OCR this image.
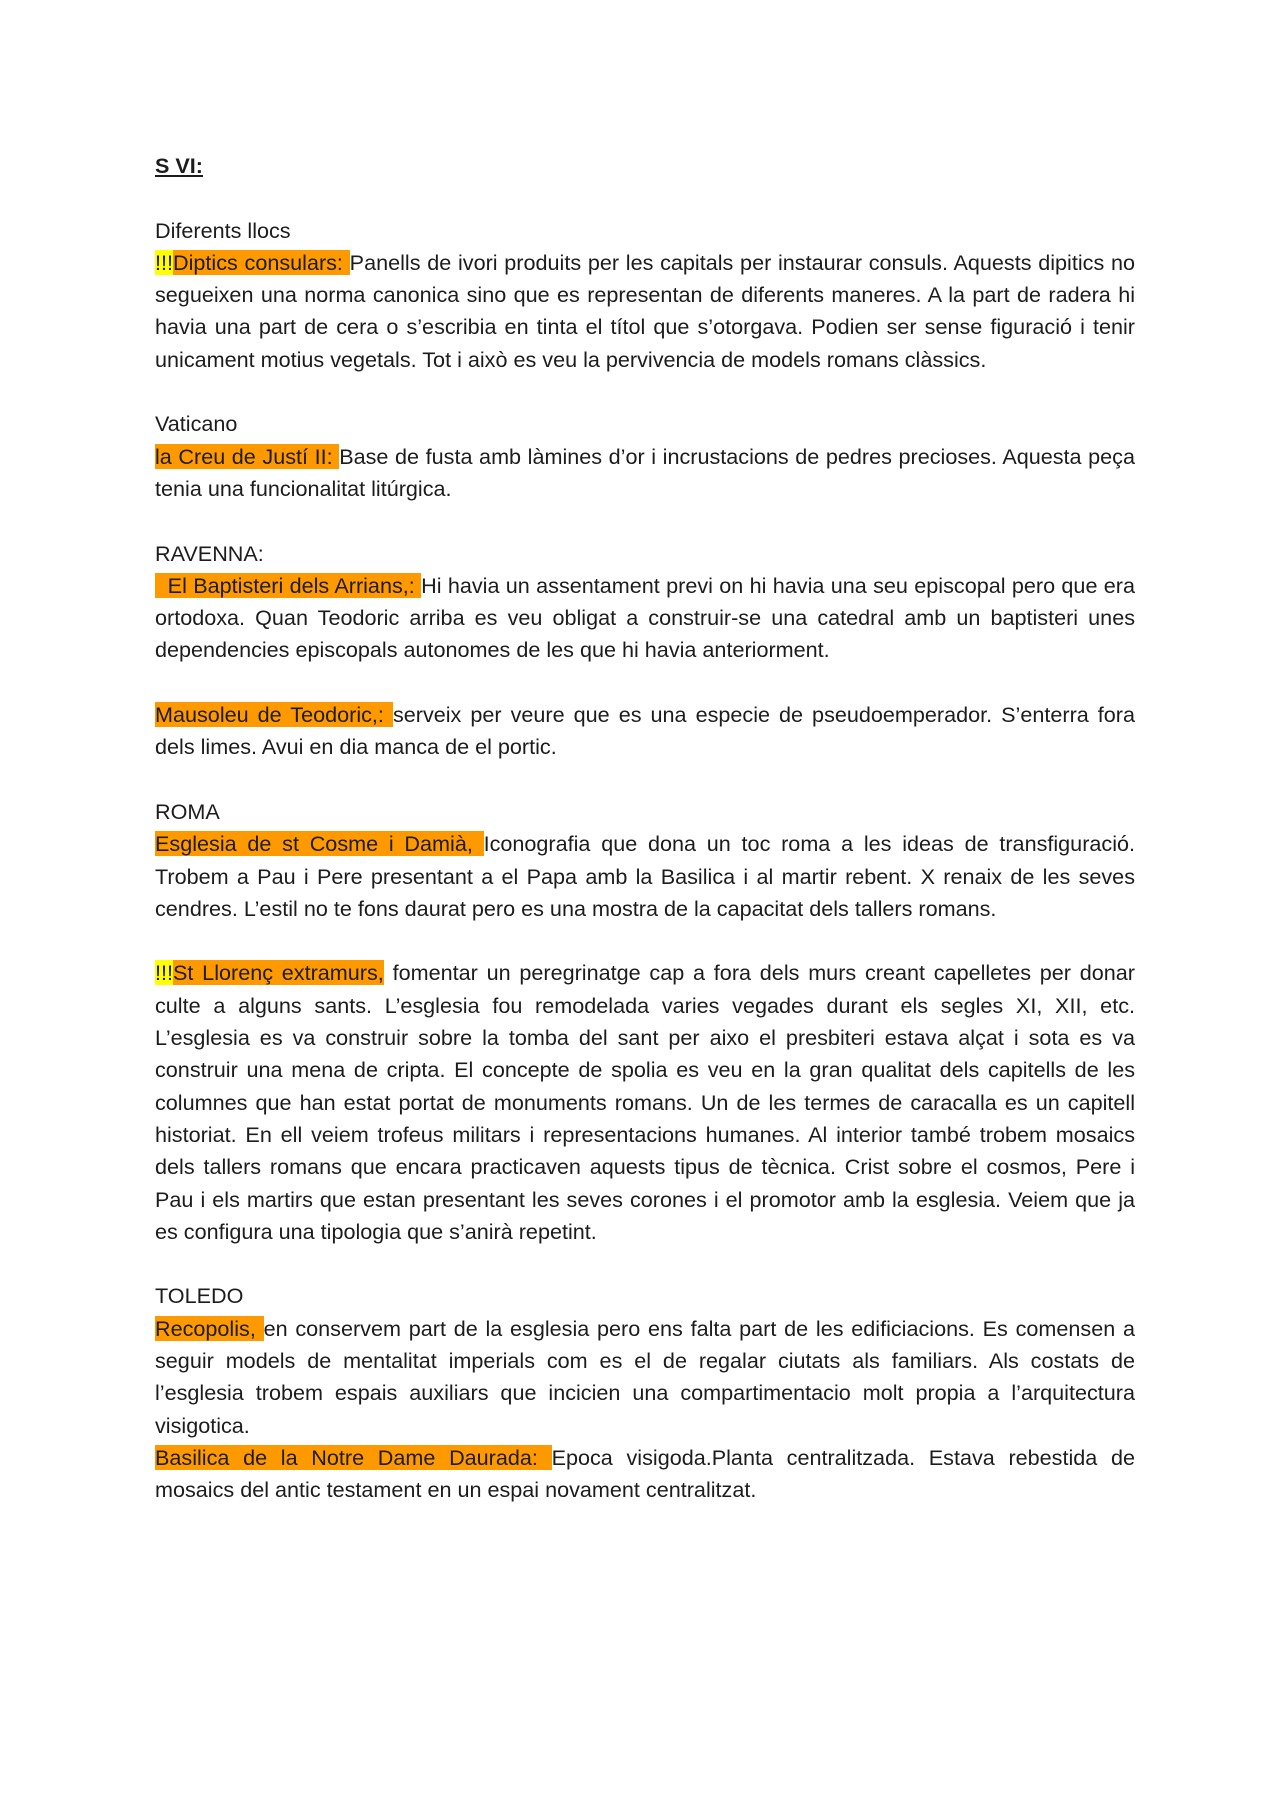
S VI:

Diferents llocs

!!!Diptics consulars: Panells de ivori produits per les capitals per instaurar consuls. Aquests dipitics no segueixen una norma canonica sino que es representan de diferents maneres. A la part de radera hi havia una part de cera o s’escribia en tinta el títol que s’otorgava. Podien ser sense figuració i tenir unicament motius vegetals. Tot i això es veu la pervivencia de models romans clàssics.

Vaticano

la Creu de Justí II: Base de fusta amb làmines d’or i incrustacions de pedres precioses. Aquesta peça tenia una funcionalitat litúrgica.

RAVENNA:

El Baptisteri dels Arrians,: Hi havia un assentament previ on hi havia una seu episcopal pero que era ortodoxa. Quan Teodoric arriba es veu obligat a construir-se una catedral amb un baptisteri unes dependencies episcopals autonomes de les que hi havia anteriorment.

Mausoleu de Teodoric,: serveix per veure que es una especie de pseudoemperador. S’enterra fora dels limes. Avui en dia manca de el portic.

ROMA

Esglesia de st Cosme i Damià, Iconografia que dona un toc roma a les ideas de transfiguració. Trobem a Pau i Pere presentant a el Papa amb la Basilica i al martir rebent. X renaix de les seves cendres. L’estil no te fons daurat pero es una mostra de la capacitat dels tallers romans.

!!!St Llorenç extramurs, fomentar un peregrinatge cap a fora dels murs creant capelletes per donar culte a alguns sants. L’esglesia fou remodelada varies vegades durant els segles XI, XII, etc. L’esglesia es va construir sobre la tomba del sant per aixo el presbiteri estava alçat i sota es va construir una mena de cripta. El concepte de spolia es veu en la gran qualitat dels capitells de les columnes que han estat portat de monuments romans. Un de les termes de caracalla es un capitell historiat. En ell veiem trofeus militars i representacions humanes. Al interior també trobem mosaics dels tallers romans que encara practicaven aquests tipus de tècnica. Crist sobre el cosmos, Pere i Pau i els martirs que estan presentant les seves corones i el promotor amb la esglesia. Veiem que ja es configura una tipologia que s’anirà repetint.

TOLEDO

Recopolis, en conservem part de la esglesia pero ens falta part de les edificiacions. Es comensen a seguir models de mentalitat imperials com es el de regalar ciutats als familiars. Als costats de l’esglesia trobem espais auxiliars que incicien una compartimentacio molt propia a l’arquitectura visigotica.

Basilica de la Notre Dame Daurada: Epoca visigoda.Planta centralitzada. Estava rebestida de mosaics del antic testament en un espai novament centralitzat.
